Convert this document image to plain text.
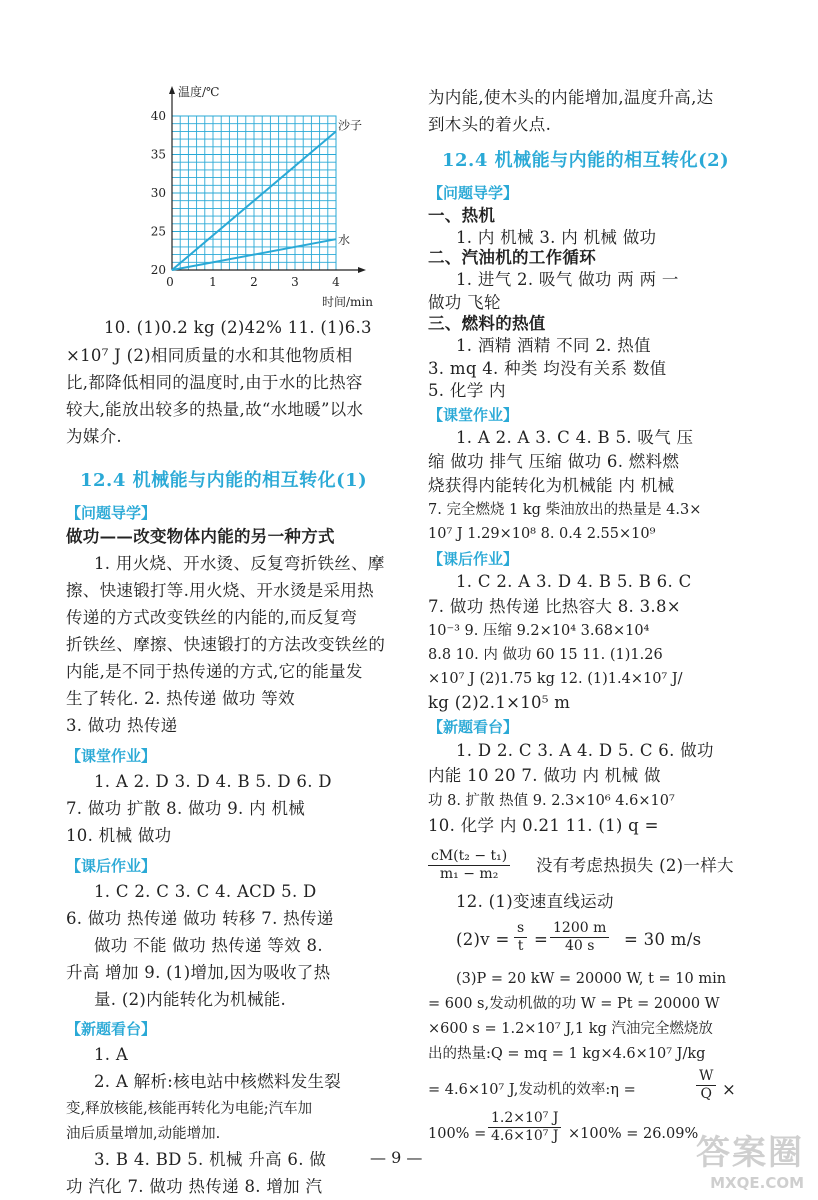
0	1	2	3	4
40
35
30
25
20
温度/℃
时间/min
沙子
水
10. (1)0.2 kg (2)42% 11. (1)6.3
×10⁷ J (2)相同质量的水和其他物质相
比,都降低相同的温度时,由于水的比热容
较大,能放出较多的热量,故“水地暖”以水
为媒介.
12.4 机械能与内能的相互转化(1)
【问题导学】
做功——改变物体内能的另一种方式
1. 用火烧、开水烫、反复弯折铁丝、摩
擦、快速锻打等.用火烧、开水烫是采用热
传递的方式改变铁丝的内能的,而反复弯
折铁丝、摩擦、快速锻打的方法改变铁丝的
内能,是不同于热传递的方式,它的能量发
生了转化. 2. 热传递 做功 等效
3. 做功 热传递
【课堂作业】
1. A 2. D 3. D 4. B 5. D 6. D
7. 做功 扩散 8. 做功 9. 内 机械
10. 机械 做功
【课后作业】
1. C 2. C 3. C 4. ACD 5. D
6. 做功 热传递 做功 转移 7. 热传递
做功 不能 做功 热传递 等效 8.
升高 增加 9. (1)增加,因为吸收了热
量. (2)内能转化为机械能.
【新题看台】
1. A
2. A 解析:核电站中核燃料发生裂
变,释放核能,核能再转化为电能;汽车加
油后质量增加,动能增加.
3. B 4. BD 5. 机械 升高 6. 做
功 汽化 7. 做功 热传递 8. 增加 汽
为内能,使木头的内能增加,温度升高,达
到木头的着火点.
12.4 机械能与内能的相互转化(2)
【问题导学】
一、热机
1. 内 机械 3. 内 机械 做功
二、汽油机的工作循环
1. 进气 2. 吸气 做功 两 两 一
做功 飞轮
三、燃料的热值
1. 酒精 酒精 不同 2. 热值
3. mq 4. 种类 均没有关系 数值
5. 化学 内
【课堂作业】
1. A 2. A 3. C 4. B 5. 吸气 压
缩 做功 排气 压缩 做功 6. 燃料燃
烧获得内能转化为机械能 内 机械
7. 完全燃烧 1 kg 柴油放出的热量是 4.3×
10⁷ J 1.29×10⁸ 8. 0.4 2.55×10⁹
【课后作业】
1. C 2. A 3. D 4. B 5. B 6. C
7. 做功 热传递 比热容大 8. 3.8×
10⁻³ 9. 压缩 9.2×10⁴ 3.68×10⁴
8.8 10. 内 做功 60 15 11. (1)1.26
×10⁷ J (2)1.75 kg 12. (1)1.4×10⁷ J/
kg (2)2.1×10⁵ m
【新题看台】
1. D 2. C 3. A 4. D 5. C 6. 做功
内能 10 20 7. 做功 内 机械 做
功 8. 扩散 热值 9. 2.3×10⁶ 4.6×10⁷
10. 化学 内 0.21 11. (1) q =
$\frac{\text{cM(t₂ − t₁)}}{\text{m₁ − m₂}}$ 没有考虑热损失 (2)一样大
12. (1)变速直线运动
$(2)v = \frac{s}{t} = \frac{1200 m}{40 s} = 30$ m/s
(3)P = 20 kW = 20000 W, t = 10 min
= 600 s,发动机做的功 W = Pt = 20000 W
×600 s = 1.2×10⁷ J,1 kg 汽油完全燃烧放
出的热量:Q = mq = 1 kg×4.6×10⁷ J/kg
= 4.6×10⁷ J,发动机的效率:η =	$\frac{W}{Q}$ ×
$100\% = \frac{\text{1.2×10⁷ J}}{\text{4.6×10⁷ J}} \times 100\% = 26.09\%$
— 9 —	答案圈
MXQE.COM
